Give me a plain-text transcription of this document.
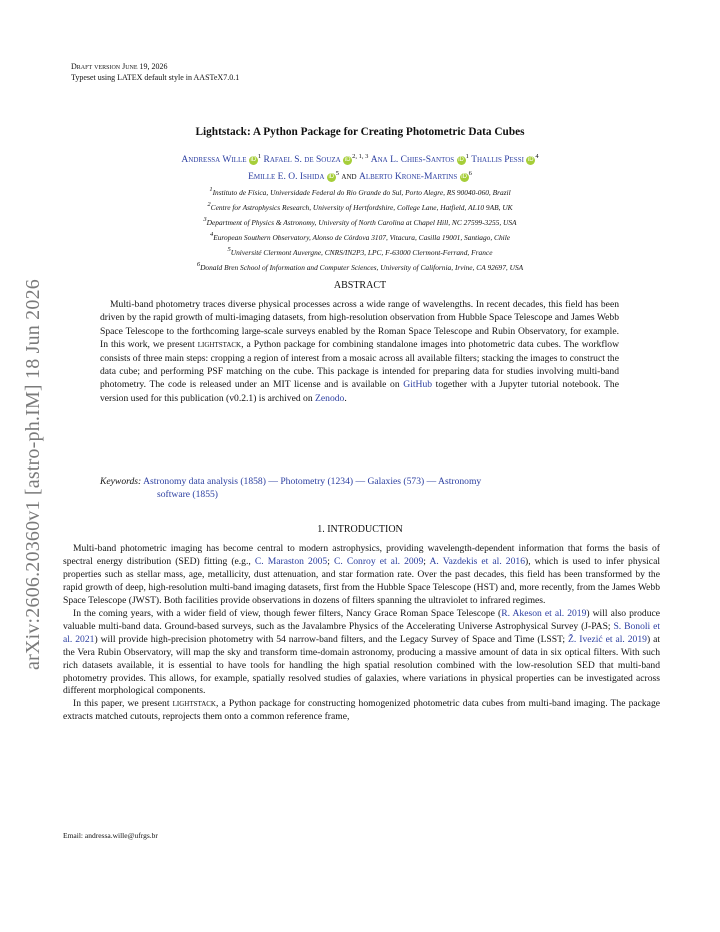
Draft version June 19, 2026
Typeset using LATEX default style in AASTeX7.0.1
arXiv:2606.20360v1 [astro-ph.IM] 18 Jun 2026
Lightstack: A Python Package for Creating Photometric Data Cubes
Andressa Wille iD $^1$ Rafael S. de Souza iD $^{2, 1, 3}$ Ana L. Chies-Santos iD $^1$ Thallis Pessi iD $^4$
Emille E. O. Ishida iD $^5$ and Alberto Krone-Martins iD $^6$
1Instituto de Física, Universidade Federal do Rio Grande do Sul, Porto Alegre, RS 90040-060, Brazil
2Centre for Astrophysics Research, University of Hertfordshire, College Lane, Hatfield, AL10 9AB, UK
3Department of Physics & Astronomy, University of North Carolina at Chapel Hill, NC 27599-3255, USA
4European Southern Observatory, Alonso de Córdova 3107, Vitacura, Casilla 19001, Santiago, Chile
5Université Clermont Auvergne, CNRS/IN2P3, LPC, F-63000 Clermont-Ferrand, France
6Donald Bren School of Information and Computer Sciences, University of California, Irvine, CA 92697, USA
ABSTRACT
Multi-band photometry traces diverse physical processes across a wide range of wavelengths. In recent decades, this field has been driven by the rapid growth of multi-imaging datasets, from high-resolution observation from Hubble Space Telescope and James Webb Space Telescope to the forthcoming large-scale surveys enabled by the Roman Space Telescope and Rubin Observatory, for example. In this work, we present lightstack, a Python package for combining standalone images into photometric data cubes. The workflow consists of three main steps: cropping a region of interest from a mosaic across all available filters; stacking the images to construct the data cube; and performing PSF matching on the cube. This package is intended for preparing data for studies involving multi-band photometry. The code is released under an MIT license and is available on GitHub together with a Jupyter tutorial notebook. The version used for this publication (v0.2.1) is archived on Zenodo.
Keywords: Astronomy data analysis (1858) — Photometry (1234) — Galaxies (573) — Astronomy
software (1855)
1. INTRODUCTION

Multi-band photometric imaging has become central to modern astrophysics, providing wavelength-dependent information that forms the basis of spectral energy distribution (SED) fitting (e.g., C. Maraston 2005; C. Conroy et al. 2009; A. Vazdekis et al. 2016), which is used to infer physical properties such as stellar mass, age, metallicity, dust attenuation, and star formation rate. Over the past decades, this field has been transformed by the rapid growth of deep, high-resolution multi-band imaging datasets, first from the Hubble Space Telescope (HST) and, more recently, from the James Webb Space Telescope (JWST). Both facilities provide observations in dozens of filters spanning the ultraviolet to infrared regimes.

In the coming years, with a wider field of view, though fewer filters, Nancy Grace Roman Space Telescope (R. Akeson et al. 2019) will also produce valuable multi-band data. Ground-based surveys, such as the Javalambre Physics of the Accelerating Universe Astrophysical Survey (J-PAS; S. Bonoli et al. 2021) will provide high-precision photometry with 54 narrow-band filters, and the Legacy Survey of Space and Time (LSST; Ž. Ivezić et al. 2019) at the Vera Rubin Observatory, will map the sky and transform time-domain astronomy, producing a massive amount of data in six optical filters. With such rich datasets available, it is essential to have tools for handling the high spatial resolution combined with the low-resolution SED that multi-band photometry provides. This allows, for example, spatially resolved studies of galaxies, where variations in physical properties can be investigated across different morphological components.

In this paper, we present lightstack, a Python package for constructing homogenized photometric data cubes from multi-band imaging. The package extracts matched cutouts, reprojects them onto a common reference frame,

Email: andressa.wille@ufrgs.br
